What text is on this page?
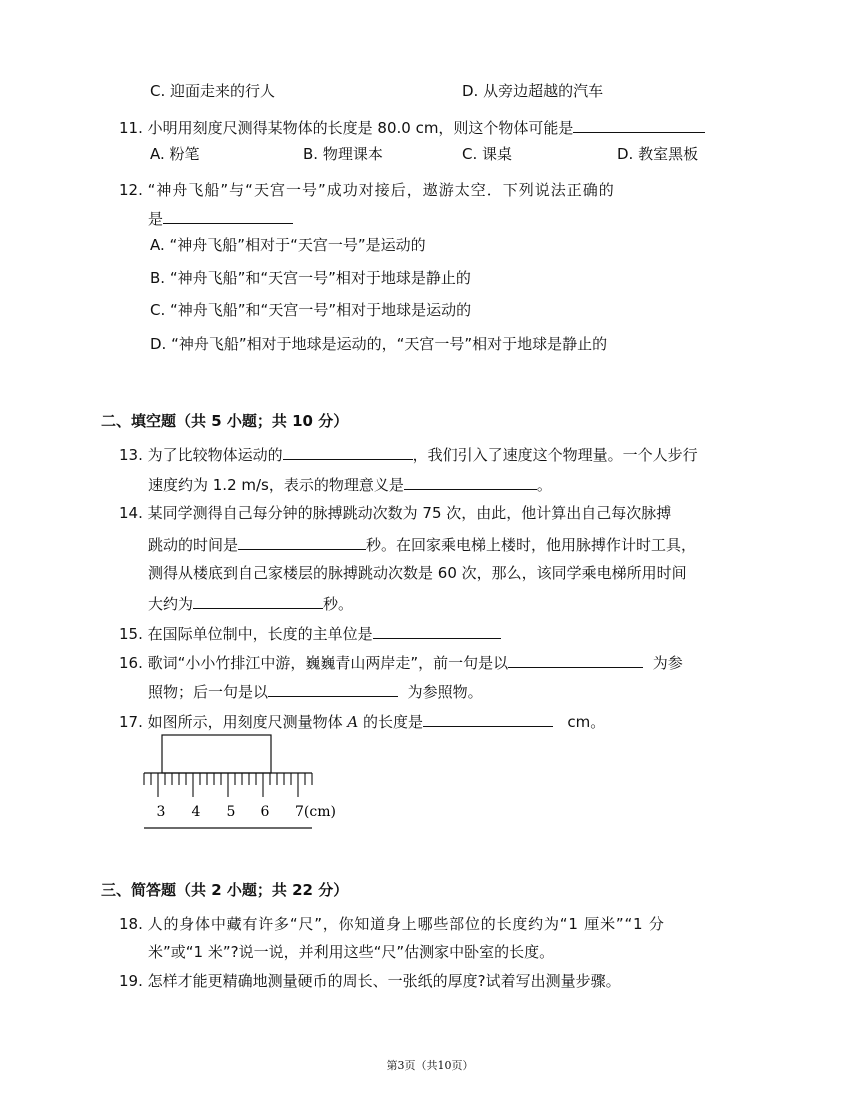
C. 迎面走来的行人	D. 从旁边超越的汽车
11. 小明用刻度尺测得某物体的长度是 80.0 cm，则这个物体可能是
A. 粉笔	B. 物理课本	C. 课桌	D. 教室黑板
12. “神舟飞船”与“天宫一号”成功对接后，遨游太空．下列说法正确的
是
A. “神舟飞船”相对于“天宫一号”是运动的
B. “神舟飞船”和“天宫一号”相对于地球是静止的
C. “神舟飞船”和“天宫一号”相对于地球是运动的
D. “神舟飞船”相对于地球是运动的，“天宫一号”相对于地球是静止的
二、填空题（共 5 小题；共 10 分）
13. 为了比较物体运动的	，我们引入了速度这个物理量。一个人步行
速度约为 1.2 m/s，表示的物理意义是	。
14. 某同学测得自己每分钟的脉搏跳动次数为 75 次，由此，他计算出自己每次脉搏
跳动的时间是	秒。在回家乘电梯上楼时，他用脉搏作计时工具，
测得从楼底到自己家楼层的脉搏跳动次数是 60 次，那么，该同学乘电梯所用时间
大约为	秒。
15. 在国际单位制中，长度的主单位是
16. 歌词“小小竹排江中游，巍巍青山两岸走”，前一句是以	为参
照物；后一句是以	为参照物。
17. 如图所示，用刻度尺测量物体 A 的长度是	cm。
3 4 5 6 7(cm)
三、简答题（共 2 小题；共 22 分）
18. 人的身体中藏有许多“尺”，你知道身上哪些部位的长度约为“1 厘米”“1 分
米”或“1 米”?说一说，并利用这些“尺”估测家中卧室的长度。
19. 怎样才能更精确地测量硬币的周长、一张纸的厚度?试着写出测量步骤。
第3页（共10页）
